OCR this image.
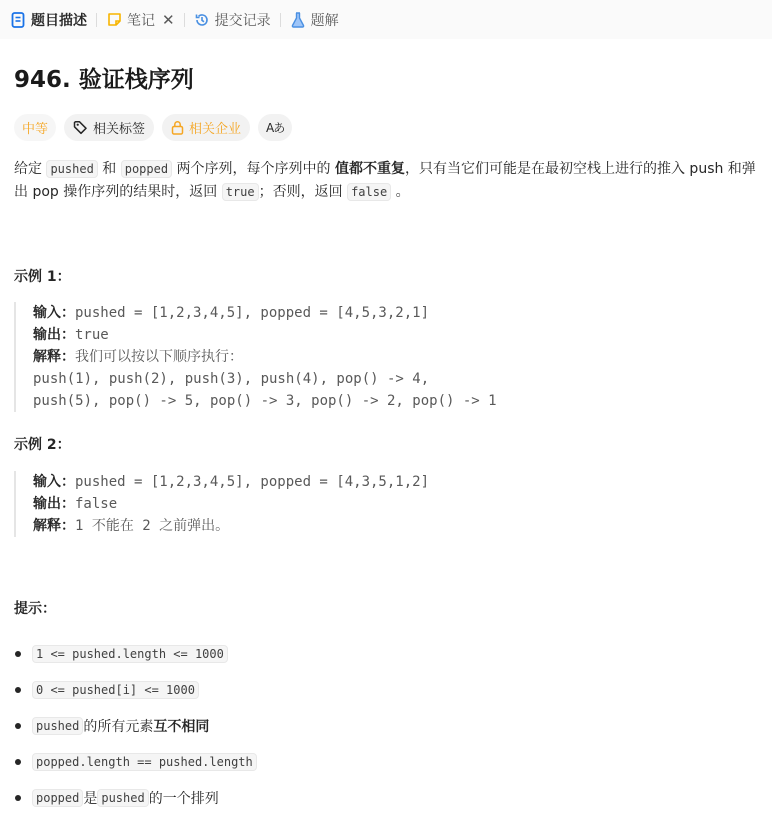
题目描述	笔记 ✕	提交记录	题解
946. 验证栈序列
中等	相关标签	相关企业 Aあ
给定 pushed 和 popped 两个序列，每个序列中的 值都不重复，只有当它们可能是在最初空栈上进行的推入 push 和弹出 pop 操作序列的结果时，返回 true ；否则，返回 false 。
示例 1：
输入：pushed = [1,2,3,4,5], popped = [4,5,3,2,1]
输出：true
解释：我们可以按以下顺序执行：
push(1), push(2), push(3), push(4), pop() -> 4,
push(5), pop() -> 5, pop() -> 3, pop() -> 2, pop() -> 1
示例 2：
输入：pushed = [1,2,3,4,5], popped = [4,3,5,1,2]
输出：false
解释：1 不能在 2 之前弹出。
提示：
1 <= pushed.length <= 1000
0 <= pushed[i] <= 1000
pushed 的所有元素 互不相同
popped.length == pushed.length
popped 是 pushed 的一个排列
